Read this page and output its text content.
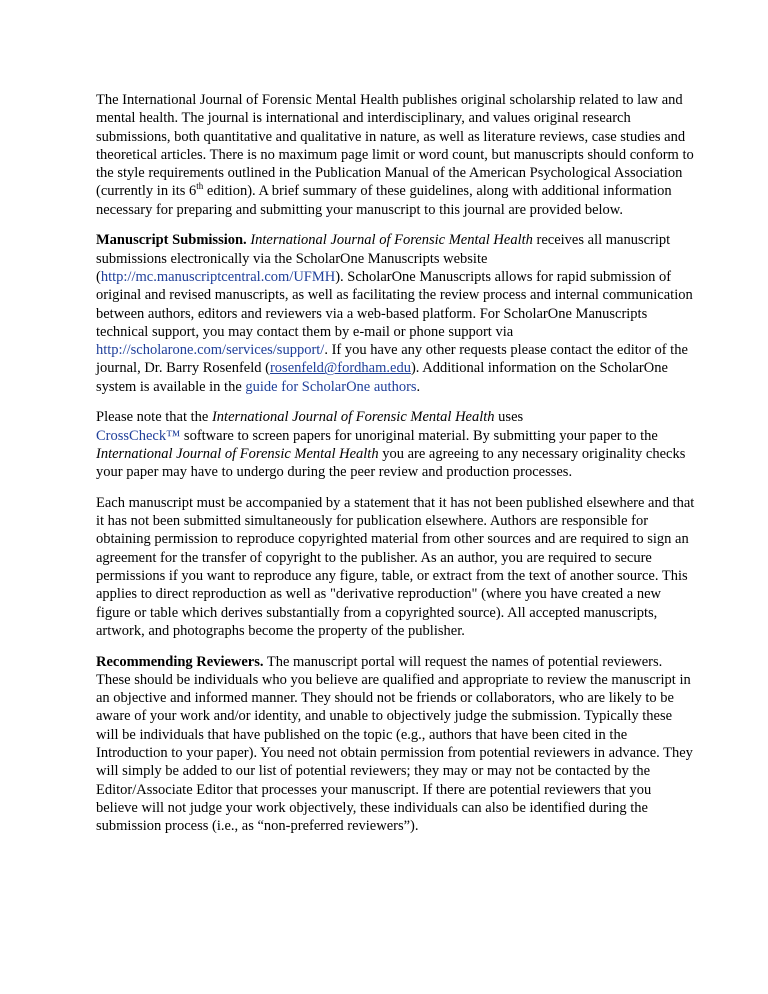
The International Journal of Forensic Mental Health publishes original scholarship related to law and mental health. The journal is international and interdisciplinary, and values original research submissions, both quantitative and qualitative in nature, as well as literature reviews, case studies and theoretical articles. There is no maximum page limit or word count, but manuscripts should conform to the style requirements outlined in the Publication Manual of the American Psychological Association (currently in its 6th edition). A brief summary of these guidelines, along with additional information necessary for preparing and submitting your manuscript to this journal are provided below.

Manuscript Submission. International Journal of Forensic Mental Health receives all manuscript submissions electronically via the ScholarOne Manuscripts website (http://mc.manuscriptcentral.com/UFMH). ScholarOne Manuscripts allows for rapid submission of original and revised manuscripts, as well as facilitating the review process and internal communication between authors, editors and reviewers via a web-based platform. For ScholarOne Manuscripts technical support, you may contact them by e-mail or phone support via http://scholarone.com/services/support/. If you have any other requests please contact the editor of the journal, Dr. Barry Rosenfeld (rosenfeld@fordham.edu). Additional information on the ScholarOne system is available in the guide for ScholarOne authors.

Please note that the International Journal of Forensic Mental Health uses
CrossCheck™ software to screen papers for unoriginal material. By submitting your paper to the International Journal of Forensic Mental Health you are agreeing to any necessary originality checks your paper may have to undergo during the peer review and production processes.

Each manuscript must be accompanied by a statement that it has not been published elsewhere and that it has not been submitted simultaneously for publication elsewhere. Authors are responsible for obtaining permission to reproduce copyrighted material from other sources and are required to sign an agreement for the transfer of copyright to the publisher. As an author, you are required to secure permissions if you want to reproduce any figure, table, or extract from the text of another source. This applies to direct reproduction as well as "derivative reproduction" (where you have created a new figure or table which derives substantially from a copyrighted source). All accepted manuscripts, artwork, and photographs become the property of the publisher.

Recommending Reviewers. The manuscript portal will request the names of potential reviewers. These should be individuals who you believe are qualified and appropriate to review the manuscript in an objective and informed manner. They should not be friends or collaborators, who are likely to be aware of your work and/or identity, and unable to objectively judge the submission. Typically these will be individuals that have published on the topic (e.g., authors that have been cited in the Introduction to your paper). You need not obtain permission from potential reviewers in advance. They will simply be added to our list of potential reviewers; they may or may not be contacted by the Editor/Associate Editor that processes your manuscript. If there are potential reviewers that you believe will not judge your work objectively, these individuals can also be identified during the submission process (i.e., as “non-preferred reviewers”).
